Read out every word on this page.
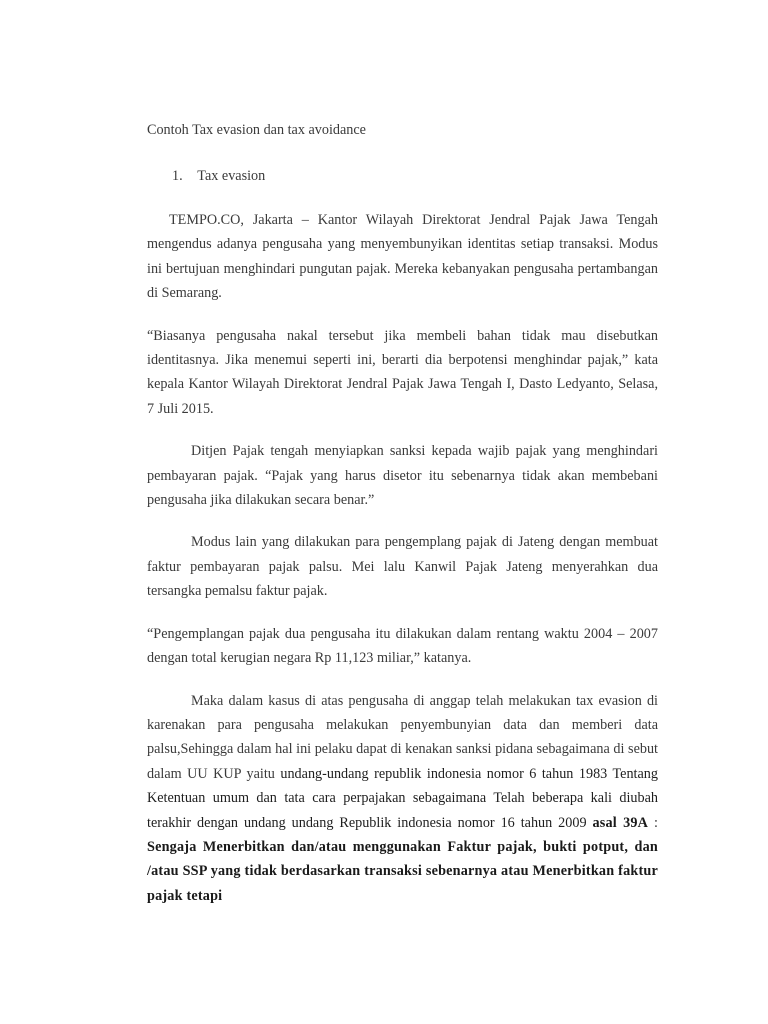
Contoh Tax evasion dan tax avoidance
1. Tax evasion

TEMPO.CO, Jakarta – Kantor Wilayah Direktorat Jendral Pajak Jawa Tengah mengendus adanya pengusaha yang menyembunyikan identitas setiap transaksi. Modus ini bertujuan menghindari pungutan pajak. Mereka kebanyakan pengusaha pertambangan di Semarang.

“Biasanya pengusaha nakal tersebut jika membeli bahan tidak mau disebutkan identitasnya. Jika menemui seperti ini, berarti dia berpotensi menghindar pajak,” kata kepala Kantor Wilayah Direktorat Jendral Pajak Jawa Tengah I, Dasto Ledyanto, Selasa, 7 Juli 2015.

Ditjen Pajak tengah menyiapkan sanksi kepada wajib pajak yang menghindari pembayaran pajak. “Pajak yang harus disetor itu sebenarnya tidak akan membebani pengusaha jika dilakukan secara benar.”

Modus lain yang dilakukan para pengemplang pajak di Jateng dengan membuat faktur pembayaran pajak palsu. Mei lalu Kanwil Pajak Jateng menyerahkan dua tersangka pemalsu faktur pajak.

“Pengemplangan pajak dua pengusaha itu dilakukan dalam rentang waktu 2004 – 2007 dengan total kerugian negara Rp 11,123 miliar,” katanya.

Maka dalam kasus di atas pengusaha di anggap telah melakukan tax evasion di karenakan para pengusaha melakukan penyembunyian data dan memberi data palsu,Sehingga dalam hal ini pelaku dapat di kenakan sanksi pidana sebagaimana di sebut dalam UU KUP yaitu undang-undang republik indonesia nomor 6 tahun 1983 Tentang Ketentuan umum dan tata cara perpajakan sebagaimana Telah beberapa kali diubah terakhir dengan undang undang Republik indonesia nomor 16 tahun 2009 asal 39A : Sengaja Menerbitkan dan/atau menggunakan Faktur pajak, bukti potput, dan /atau SSP yang tidak berdasarkan transaksi sebenarnya atau Menerbitkan faktur pajak tetapi
